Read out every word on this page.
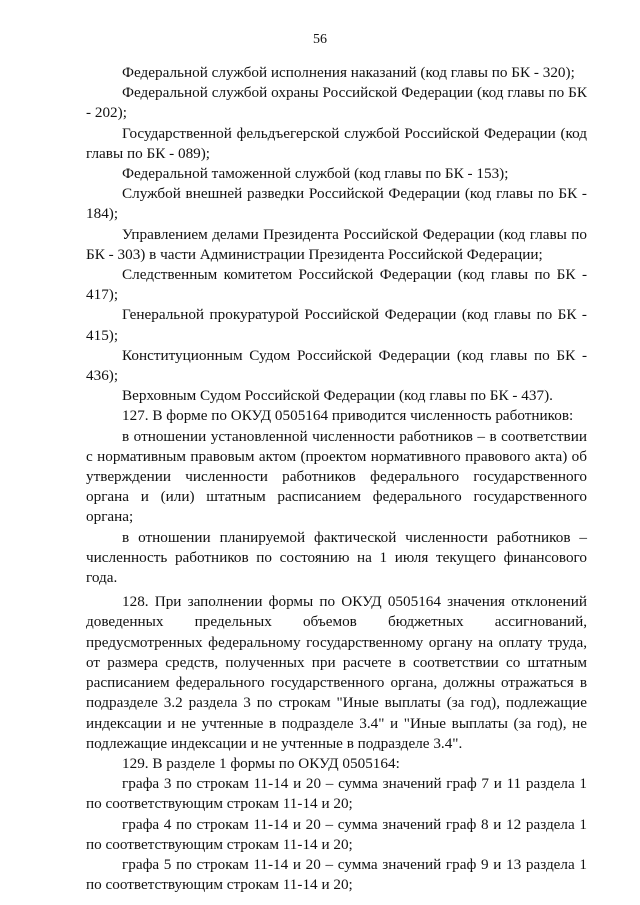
56

Федеральной службой исполнения наказаний (код главы по БК - 320);

Федеральной службой охраны Российской Федерации (код главы по БК - 202);

Государственной фельдъегерской службой Российской Федерации (код главы по БК - 089);

Федеральной таможенной службой (код главы по БК - 153);

Службой внешней разведки Российской Федерации (код главы по БК - 184);

Управлением делами Президента Российской Федерации (код главы по БК - 303) в части Администрации Президента Российской Федерации;

Следственным комитетом Российской Федерации (код главы по БК - 417);

Генеральной прокуратурой Российской Федерации (код главы по БК - 415);

Конституционным Судом Российской Федерации (код главы по БК - 436);

Верховным Судом Российской Федерации (код главы по БК - 437).

127. В форме по ОКУД 0505164 приводится численность работников:

в отношении установленной численности работников – в соответствии с нормативным правовым актом (проектом нормативного правового акта) об утверждении численности работников федерального государственного органа и (или) штатным расписанием федерального государственного органа;

в отношении планируемой фактической численности работников – численность работников по состоянию на 1 июля текущего финансового года.

128. При заполнении формы по ОКУД 0505164 значения отклонений доведенных предельных объемов бюджетных ассигнований, предусмотренных федеральному государственному органу на оплату труда, от размера средств, полученных при расчете в соответствии со штатным расписанием федерального государственного органа, должны отражаться в подразделе 3.2 раздела 3 по строкам "Иные выплаты (за год), подлежащие индексации и не учтенные в подразделе 3.4" и "Иные выплаты (за год), не подлежащие индексации и не учтенные в подразделе 3.4".

129. В разделе 1 формы по ОКУД 0505164:

графа 3 по строкам 11-14 и 20 – сумма значений граф 7 и 11 раздела 1 по соответствующим строкам 11-14 и 20;

графа 4 по строкам 11-14 и 20 – сумма значений граф 8 и 12 раздела 1 по соответствующим строкам 11-14 и 20;

графа 5 по строкам 11-14 и 20 – сумма значений граф 9 и 13 раздела 1 по соответствующим строкам 11-14 и 20;
